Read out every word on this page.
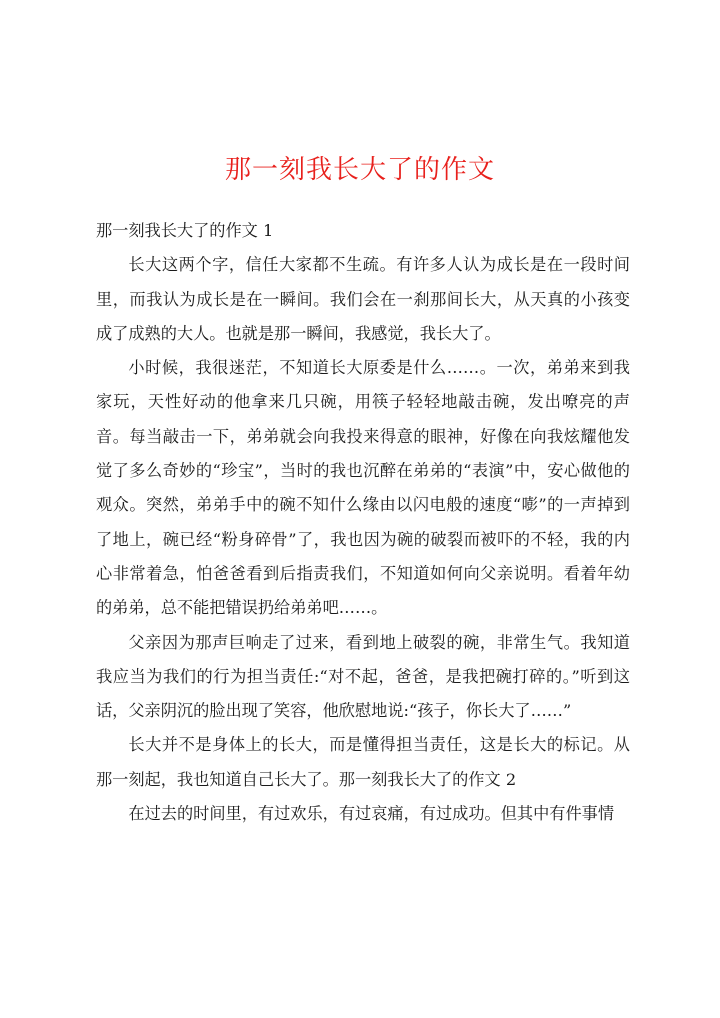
那一刻我长大了的作文

那一刻我长大了的作文 1

长大这两个字，信任大家都不生疏。有许多人认为成长是在一段时间里，而我认为成长是在一瞬间。我们会在一刹那间长大，从天真的小孩变成了成熟的大人。也就是那一瞬间，我感觉，我长大了。

小时候，我很迷茫，不知道长大原委是什么……。一次，弟弟来到我家玩，天性好动的他拿来几只碗，用筷子轻轻地敲击碗，发出嘹亮的声音。每当敲击一下，弟弟就会向我投来得意的眼神，好像在向我炫耀他发觉了多么奇妙的“珍宝”，当时的我也沉醉在弟弟的“表演”中，安心做他的观众。突然，弟弟手中的碗不知什么缘由以闪电般的速度“嘭”的一声掉到了地上，碗已经“粉身碎骨”了，我也因为碗的破裂而被吓的不轻，我的内心非常着急，怕爸爸看到后指责我们，不知道如何向父亲说明。看着年幼的弟弟，总不能把错误扔给弟弟吧……。

父亲因为那声巨响走了过来，看到地上破裂的碗，非常生气。我知道我应当为我们的行为担当责任:“对不起，爸爸，是我把碗打碎的。”听到这话，父亲阴沉的脸出现了笑容，他欣慰地说:“孩子，你长大了……”

长大并不是身体上的长大，而是懂得担当责任，这是长大的标记。从那一刻起，我也知道自己长大了。那一刻我长大了的作文 2

在过去的时间里，有过欢乐，有过哀痛，有过成功。但其中有件事情
